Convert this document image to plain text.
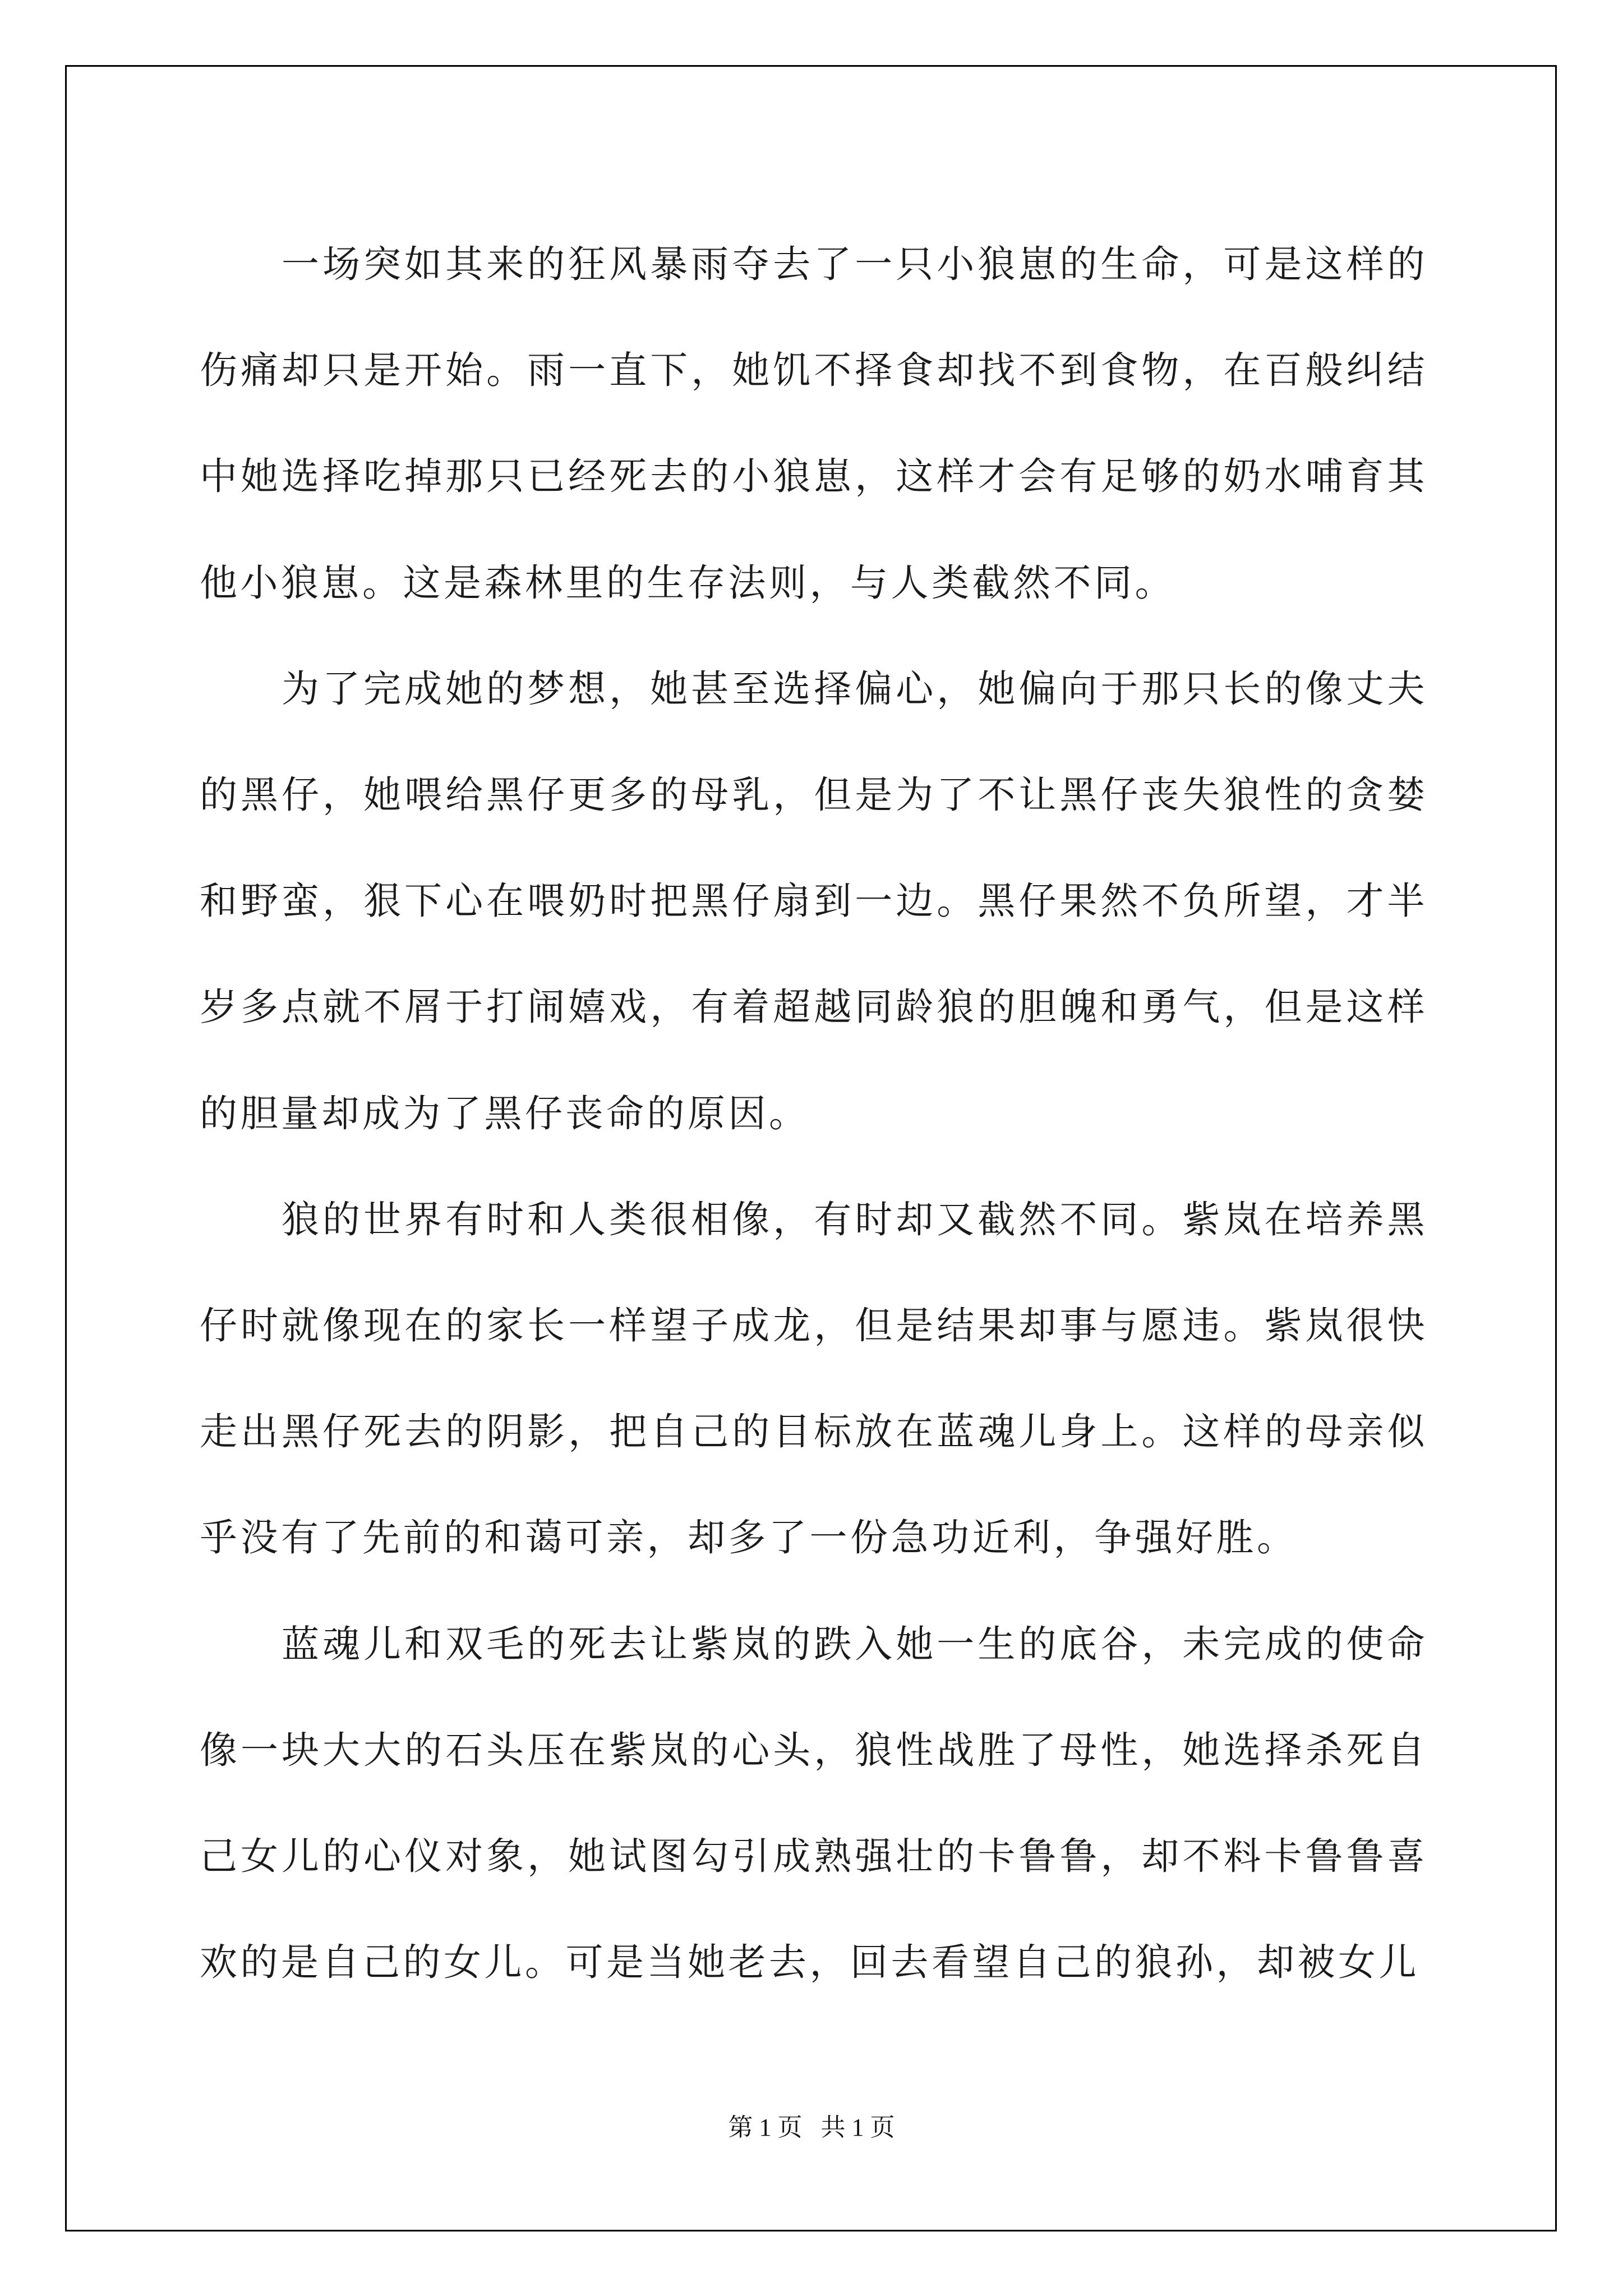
一场突如其来的狂风暴雨夺去了一只小狼崽的生命，可是这样的伤痛却只是开始。雨一直下，她饥不择食却找不到食物，在百般纠结中她选择吃掉那只已经死去的小狼崽，这样才会有足够的奶水哺育其他小狼崽。这是森林里的生存法则，与人类截然不同。

为了完成她的梦想，她甚至选择偏心，她偏向于那只长的像丈夫的黑仔，她喂给黑仔更多的母乳，但是为了不让黑仔丧失狼性的贪婪和野蛮，狠下心在喂奶时把黑仔扇到一边。黑仔果然不负所望，才半岁多点就不屑于打闹嬉戏，有着超越同龄狼的胆魄和勇气，但是这样的胆量却成为了黑仔丧命的原因。

狼的世界有时和人类很相像，有时却又截然不同。紫岚在培养黑仔时就像现在的家长一样望子成龙，但是结果却事与愿违。紫岚很快走出黑仔死去的阴影，把自己的目标放在蓝魂儿身上。这样的母亲似乎没有了先前的和蔼可亲，却多了一份急功近利，争强好胜。

蓝魂儿和双毛的死去让紫岚的跌入她一生的底谷，未完成的使命像一块大大的石头压在紫岚的心头，狼性战胜了母性，她选择杀死自己女儿的心仪对象，她试图勾引成熟强壮的卡鲁鲁，却不料卡鲁鲁喜欢的是自己的女儿。可是当她老去，回去看望自己的狼孙，却被女儿

第 1 页   共 1 页
